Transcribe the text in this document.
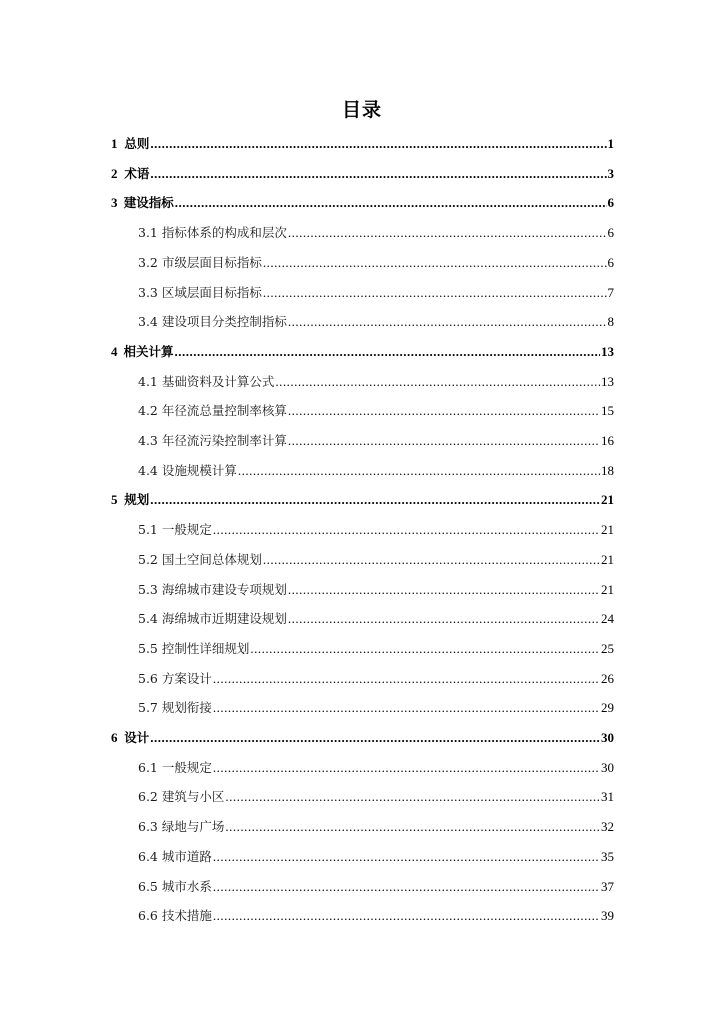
目录
1 总则 .....	1
2 术语 .....	3
3 建设指标 .....	6
3.1 指标体系的构成和层次 .....	6
3.2 市级层面目标指标 .....	6
3.3 区域层面目标指标 .....	7
3.4 建设项目分类控制指标 .....	8
4 相关计算 .....	13
4.1 基础资料及计算公式 .....	13
4.2 年径流总量控制率核算 .....	15
4.3 年径流污染控制率计算 .....	16
4.4 设施规模计算 .....	18
5 规划 .....	21
5.1 一般规定 .....	21
5.2 国土空间总体规划 .....	21
5.3 海绵城市建设专项规划 .....	21
5.4 海绵城市近期建设规划 .....	24
5.5 控制性详细规划 .....	25
5.6 方案设计 .....	26
5.7 规划衔接 .....	29
6 设计 .....	30
6.1 一般规定 .....	30
6.2 建筑与小区 .....	31
6.3 绿地与广场 .....	32
6.4 城市道路 .....	35
6.5 城市水系 .....	37
6.6 技术措施 .....	39
